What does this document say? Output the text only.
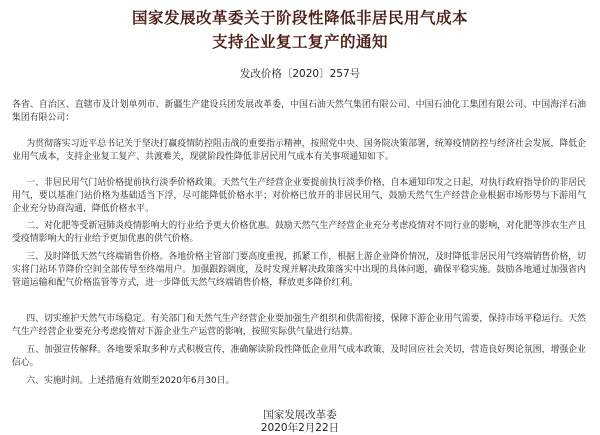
国家发展改革委关于阶段性降低非居民用气成本
支持企业复工复产的通知
发改价格〔2020〕257号

各省、自治区、直辖市及计划单列市、新疆生产建设兵团发展改革委，中国石油天然气集团有限公司、中国石油化工集团有限公司、中国海洋石油集团有限公司：

为贯彻落实习近平总书记关于坚决打赢疫情防控阻击战的重要指示精神，按照党中央、国务院决策部署，统筹疫情防控与经济社会发展，降低企业用气成本，支持企业复工复产、共渡难关，现就阶段性降低非居民用气成本有关事项通知如下。

一、非居民用气门站价格提前执行淡季价格政策。天然气生产经营企业要提前执行淡季价格，自本通知印发之日起，对执行政府指导价的非居民用气，要以基准门站价格为基础适当下浮，尽可能降低价格水平；对价格已放开的非居民用气，鼓励天然气生产经营企业根据市场形势与下游用气企业充分协商沟通，降低价格水平。

二、对化肥等受新冠肺炎疫情影响大的行业给予更大价格优惠。鼓励天然气生产经营企业充分考虑疫情对不同行业的影响，对化肥等涉农生产且受疫情影响大的行业给予更加优惠的供气价格。

三、及时降低天然气终端销售价格。各地价格主管部门要高度重视，抓紧工作，根据上游企业降价情况，及时降低非居民用气终端销售价格，切实将门站环节降价空间全部传导至终端用户。加强跟踪调度，及时发现并解决政策落实中出现的具体问题，确保平稳实施。鼓励各地通过加强省内管道运输和配气价格监管等方式，进一步降低天然气终端销售价格，释放更多降价红利。

四、切实维护天然气市场稳定。有关部门和天然气生产经营企业要加强生产组织和供需衔接，保障下游企业用气需要，保持市场平稳运行。天然气生产经营企业要充分考虑疫情对下游企业生产运营的影响，按照实际供气量进行结算。

五、加强宣传解释。各地要采取多种方式积极宣传，准确解读阶段性降低企业用气成本政策，及时回应社会关切，营造良好舆论氛围，增强企业信心。

六、实施时间。上述措施有效期至2020年6月30日。

国家发展改革委
2020年2月22日
